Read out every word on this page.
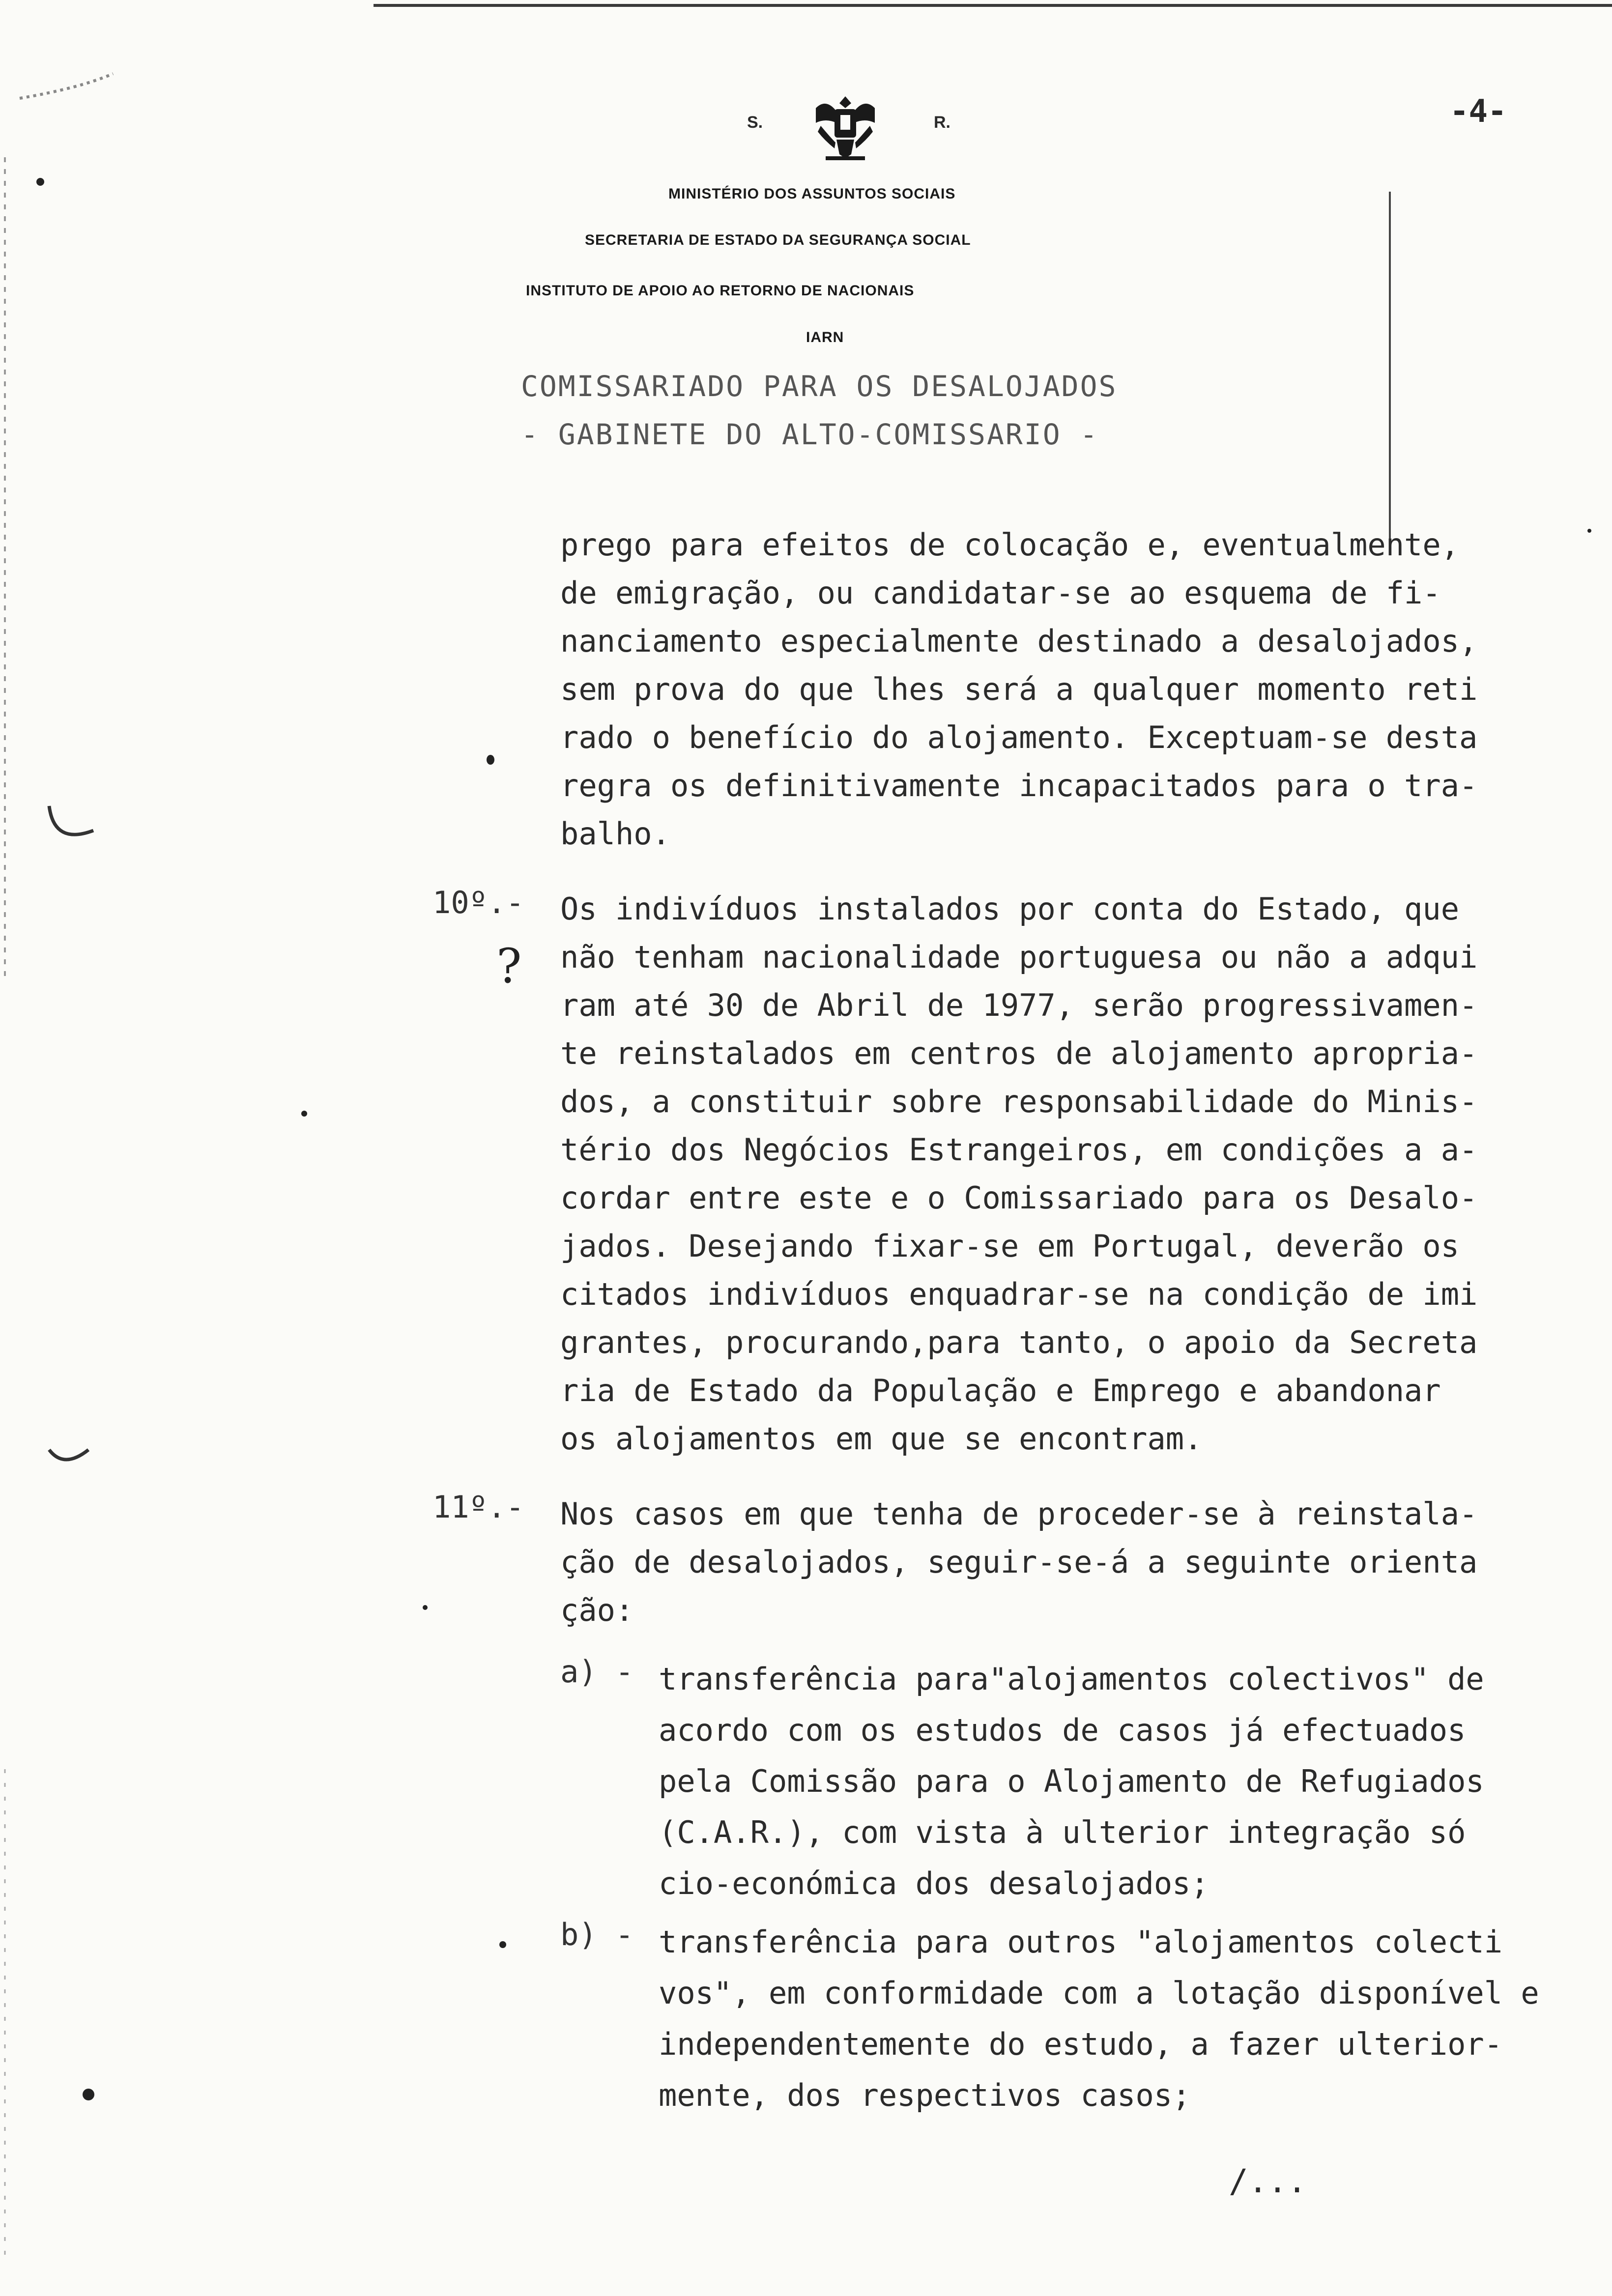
-4-
S.	R.
MINISTÉRIO DOS ASSUNTOS SOCIAIS
SECRETARIA DE ESTADO DA SEGURANÇA SOCIAL
INSTITUTO DE APOIO AO RETORNO DE NACIONAIS
IARN
COMISSARIADO PARA OS DESALOJADOS
- GABINETE DO ALTO-COMISSARIO -
prego para efeitos de colocação e, eventualmente,
de emigração, ou candidatar-se ao esquema de fi-
nanciamento especialmente destinado a desalojados,
sem prova do que lhes será a qualquer momento reti
rado o benefício do alojamento. Exceptuam-se desta
regra os definitivamente incapacitados para o tra-
balho.
10º.- Os indivíduos instalados por conta do Estado, que
não tenham nacionalidade portuguesa ou não a adqui
ram até 30 de Abril de 1977, serão progressivamen-
te reinstalados em centros de alojamento apropria-
dos, a constituir sobre responsabilidade do Minis-
tério dos Negócios Estrangeiros, em condições a a-
cordar entre este e o Comissariado para os Desalo-
jados. Desejando fixar-se em Portugal, deverão os
citados indivíduos enquadrar-se na condição de imi
grantes, procurando,para tanto, o apoio da Secreta
ria de Estado da População e Emprego e abandonar
os alojamentos em que se encontram.
?
11º.- Nos casos em que tenha de proceder-se à reinstala-
ção de desalojados, seguir-se-á a seguinte orienta
ção:
a) - transferência para"alojamentos colectivos" de
acordo com os estudos de casos já efectuados
pela Comissão para o Alojamento de Refugiados
(C.A.R.), com vista à ulterior integração só
cio-económica dos desalojados;
b) - transferência para outros "alojamentos colecti
vos", em conformidade com a lotação disponível e
independentemente do estudo, a fazer ulterior-
mente, dos respectivos casos;
/...
